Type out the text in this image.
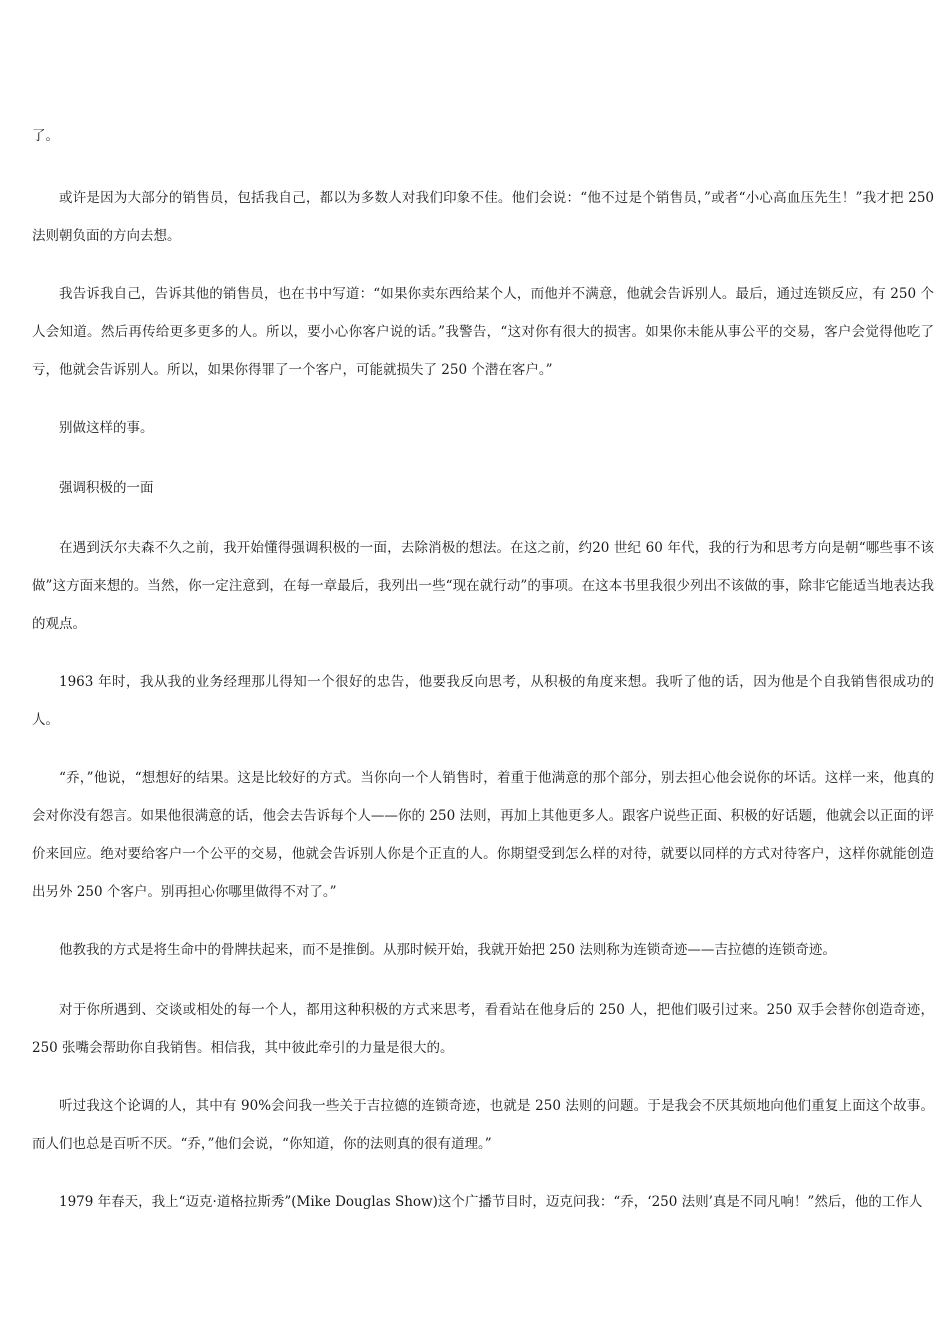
了。

或许是因为大部分的销售员，包括我自己，都以为多数人对我们印象不佳。他们会说：“他不过是个销售员，”或者“小心高血压先生！”我才把 250 法则朝负面的方向去想。

我告诉我自己，告诉其他的销售员，也在书中写道：“如果你卖东西给某个人，而他并不满意，他就会告诉别人。最后，通过连锁反应，有 250 个人会知道。然后再传给更多更多的人。所以，要小心你客户说的话。”我警告，“这对你有很大的损害。如果你未能从事公平的交易，客户会觉得他吃了亏，他就会告诉别人。所以，如果你得罪了一个客户，可能就损失了 250 个潜在客户。”

别做这样的事。

强调积极的一面

在遇到沃尔夫森不久之前，我开始懂得强调积极的一面，去除消极的想法。在这之前，约20 世纪 60 年代，我的行为和思考方向是朝“哪些事不该做”这方面来想的。当然，你一定注意到，在每一章最后，我列出一些“现在就行动”的事项。在这本书里我很少列出不该做的事，除非它能适当地表达我的观点。

1963 年时，我从我的业务经理那儿得知一个很好的忠告，他要我反向思考，从积极的角度来想。我听了他的话，因为他是个自我销售很成功的人。

“乔，”他说，“想想好的结果。这是比较好的方式。当你向一个人销售时，着重于他满意的那个部分，别去担心他会说你的坏话。这样一来，他真的会对你没有怨言。如果他很满意的话，他会去告诉每个人——你的 250 法则，再加上其他更多人。跟客户说些正面、积极的好话题，他就会以正面的评价来回应。绝对要给客户一个公平的交易，他就会告诉别人你是个正直的人。你期望受到怎么样的对待，就要以同样的方式对待客户，这样你就能创造出另外 250 个客户。别再担心你哪里做得不对了。”

他教我的方式是将生命中的骨牌扶起来，而不是推倒。从那时候开始，我就开始把 250 法则称为连锁奇迹——吉拉德的连锁奇迹。

对于你所遇到、交谈或相处的每一个人，都用这种积极的方式来思考，看看站在他身后的 250 人，把他们吸引过来。250 双手会替你创造奇迹，250 张嘴会帮助你自我销售。相信我，其中彼此牵引的力量是很大的。

听过我这个论调的人，其中有 90%会问我一些关于吉拉德的连锁奇迹，也就是 250 法则的问题。于是我会不厌其烦地向他们重复上面这个故事。而人们也总是百听不厌。“乔，”他们会说，“你知道，你的法则真的很有道理。”

1979 年春天，我上“迈克·道格拉斯秀”(Mike Douglas Show)这个广播节目时，迈克问我：“乔，‘250 法则’真是不同凡响！”然后，他的工作人
